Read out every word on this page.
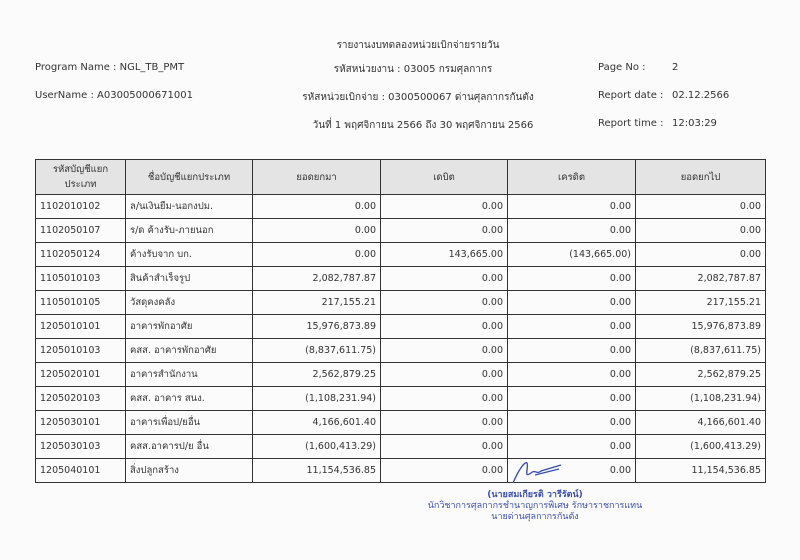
รายงานงบทดลองหน่วยเบิกจ่ายรายวัน
Program Name : NGL_TB_PMT
UserName : A03005000671001
รหัสหน่วยงาน : 03005 กรมศุลกากร
รหัสหน่วยเบิกจ่าย : 0300500067 ด่านศุลกากรกันตัง
วันที่ 1 พฤศจิกายน 2566 ถึง 30 พฤศจิกายน 2566
Page No :	2
Report date : 02.12.2566
Report time : 12:03:29
รหัสบัญชีแยกประเภท	ชื่อบัญชีแยกประเภท	ยอดยกมา	เดบิต	เครดิต	ยอดยกไป
1102010102	ล/นเงินยืม-นอกงปม.	0.00	0.00	0.00	0.00
1102050107	ร/ด ค้างรับ-ภายนอก	0.00	0.00	0.00	0.00
1102050124	ค้างรับจาก บก.	0.00	143,665.00	(143,665.00)	0.00
1105010103	สินค้าสำเร็จรูป	2,082,787.87	0.00	0.00	2,082,787.87
1105010105	วัสดุคงคลัง	217,155.21	0.00	0.00	217,155.21
1205010101	อาคารพักอาศัย	15,976,873.89	0.00	0.00	15,976,873.89
1205010103	คสส. อาคารพักอาศัย	(8,837,611.75)	0.00	0.00	(8,837,611.75)
1205020101	อาคารสำนักงาน	2,562,879.25	0.00	0.00	2,562,879.25
1205020103	คสส. อาคาร สนง.	(1,108,231.94)	0.00	0.00	(1,108,231.94)
1205030101	อาคารเพื่อป/ยอื่น	4,166,601.40	0.00	0.00	4,166,601.40
1205030103	คสส.อาคารป/ย อื่น	(1,600,413.29)	0.00	0.00	(1,600,413.29)
1205040101	สิ่งปลูกสร้าง	11,154,536.85	0.00	0.00	11,154,536.85
(นายสมเกียรติ วารีรัตน์)
นักวิชาการศุลกากรชำนาญการพิเศษ รักษาราชการแทน
นายด่านศุลกากรกันตัง
